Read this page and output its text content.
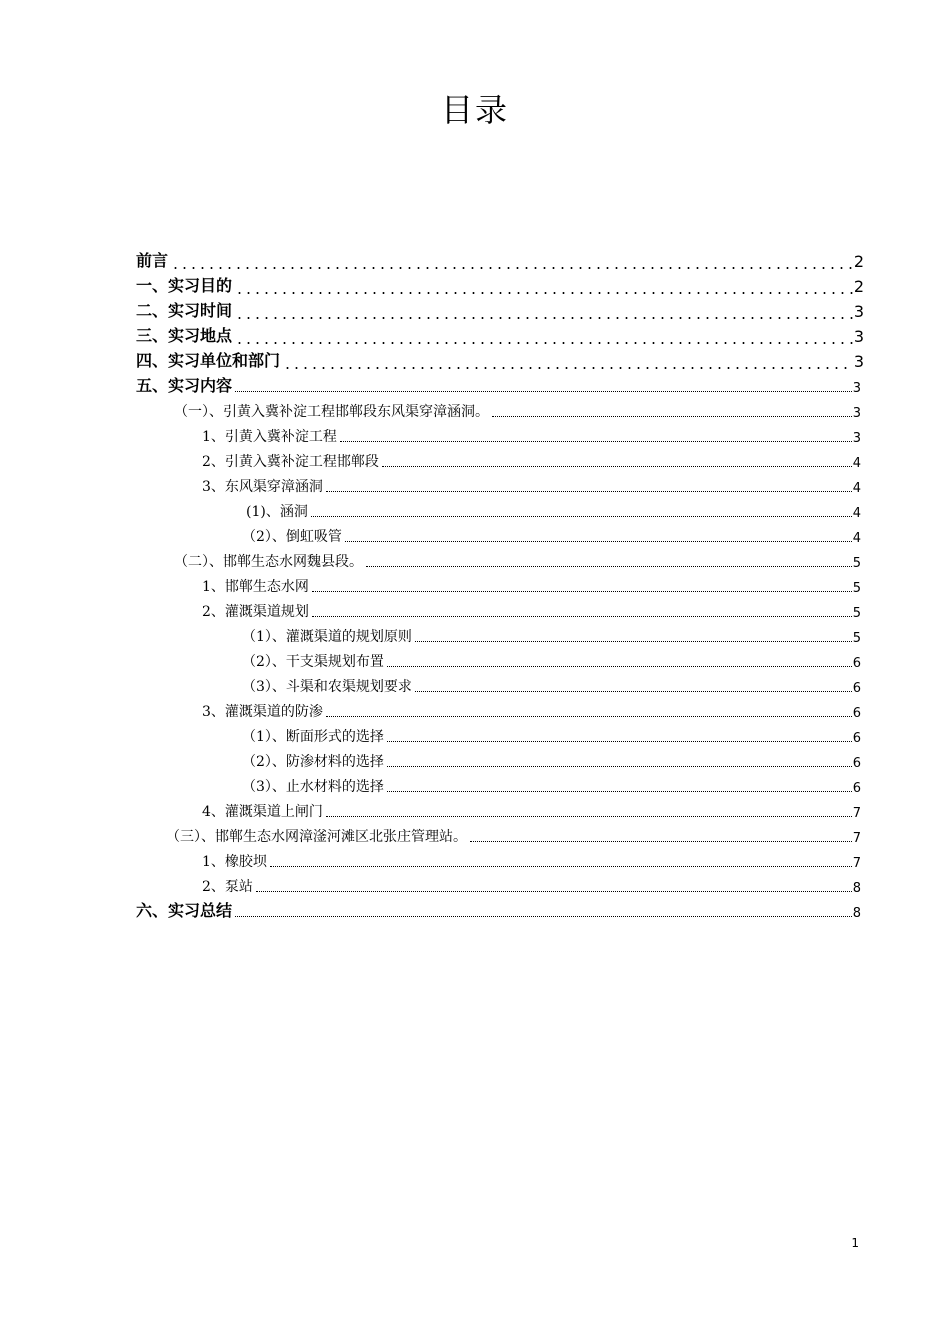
目录
前言	2
一、实习目的	2
二、实习时间	3
三、实习地点	3
四、实习单位和部门	3
五、实习内容	3
（一）、引黄入冀补淀工程邯郸段东风渠穿漳涵洞。	3
1、引黄入冀补淀工程	3
2、引黄入冀补淀工程邯郸段	4
3、东风渠穿漳涵洞	4
(1)、涵洞	4
（2）、倒虹吸管	4
（二）、邯郸生态水网魏县段。	5
1、邯郸生态水网	5
2、灌溉渠道规划	5
（1）、灌溉渠道的规划原则	5
（2）、干支渠规划布置	6
（3）、斗渠和农渠规划要求	6
3、灌溉渠道的防渗	6
（1）、断面形式的选择	6
（2）、防渗材料的选择	6
（3）、止水材料的选择	6
4、灌溉渠道上闸门	7
（三）、邯郸生态水网漳滏河滩区北张庄管理站。	7
1、橡胶坝	7
2、泵站	8
六、实习总结	8
1
